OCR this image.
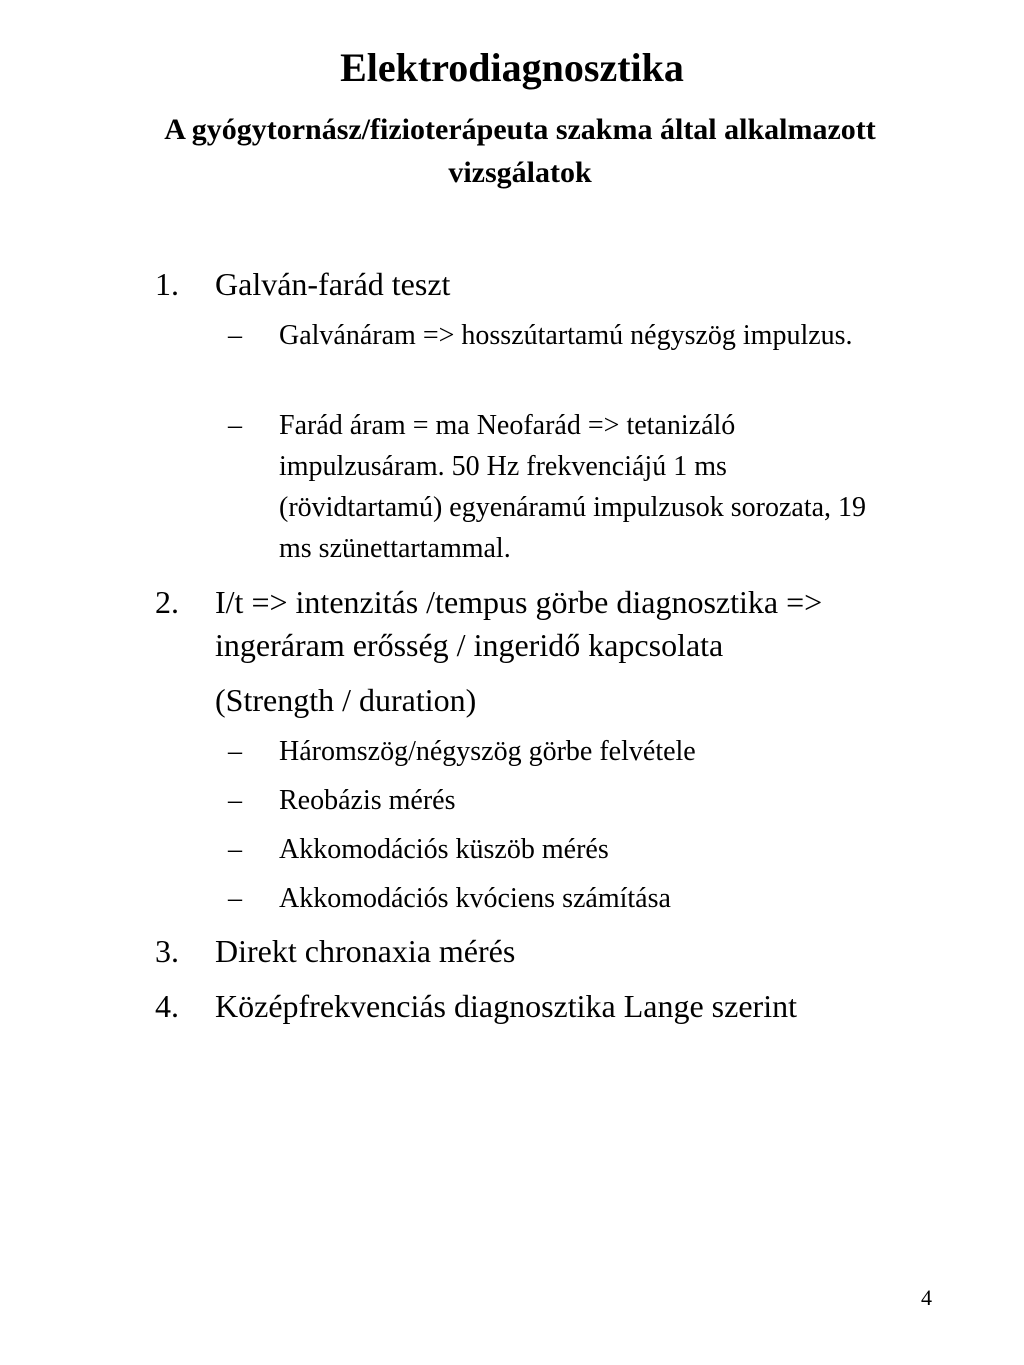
Elektrodiagnosztika
A gyógytornász/fizioterápeuta szakma által alkalmazott vizsgálatok
1. Galván-farád teszt
– Galvánáram => hosszútartamú négyszög impulzus.
– Farád áram = ma Neofarád => tetanizáló impulzusáram. 50 Hz frekvenciájú 1 ms (rövidtartamú) egyenáramú impulzusok sorozata, 19 ms szünettartammal.
2. I/t => intenzitás /tempus görbe diagnosztika => ingeráram erősség / ingeridő kapcsolata
(Strength / duration)
– Háromszög/négyszög görbe felvétele
– Reobázis mérés
– Akkomodációs küszöb mérés
– Akkomodációs kvóciens számítása
3. Direkt chronaxia mérés
4. Középfrekvenciás diagnosztika Lange szerint
4
